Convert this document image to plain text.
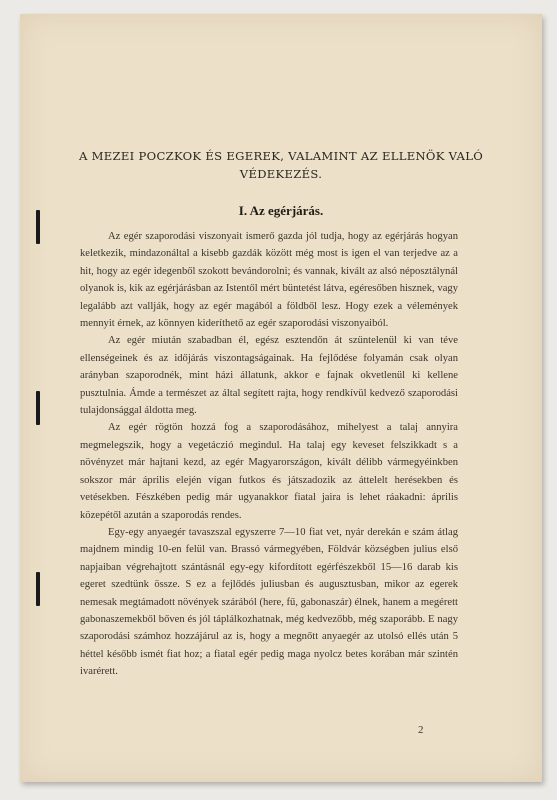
A MEZEI POCZKOK ÉS EGEREK, VALAMINT AZ ELLENÖK VALÓ VÉDEKEZÉS.
I. Az egérjárás.

Az egér szaporodási viszonyait ismerő gazda jól tudja, hogy az egérjárás hogyan keletkezik, mindazonáltal a kisebb gazdák között még most is igen el van terjedve az a hit, hogy az egér idegenből szokott bevándorolni; és vannak, kivált az alsó néposztálynál olyanok is, kik az egérjárásban az Istentől mért büntetést látva, egéresőben hisznek, vagy legalább azt vallják, hogy az egér magából a földből lesz. Hogy ezek a vélemények mennyit érnek, az könnyen kideríthető az egér szaporodási viszonyaiból.

Az egér miután szabadban él, egész esztendőn át szüntelenül ki van téve ellenségeinek és az időjárás viszontagságainak. Ha fejlődése folyamán csak olyan arányban szaporodnék, mint házi állatunk, akkor e fajnak okvetlenül ki kellene pusztulnia. Ámde a természet az által segített rajta, hogy rendkívül kedvező szaporodási tulajdonsággal áldotta meg.

Az egér rögtön hozzá fog a szaporodásához, mihelyest a talaj annyira megmelegszik, hogy a vegetáczió megindul. Ha talaj egy keveset felszikkadt s a növényzet már hajtani kezd, az egér Magyarországon, kivált délibb vármegyéinkben sokszor már április elején vígan futkos és játszadozik az áttelelt herésekben és vetésekben. Fészkében pedig már ugyanakkor fiatal jaira is lehet ráakadni: április közepétől azután a szaporodás rendes.

Egy-egy anyaegér tavaszszal egyszerre 7—10 fiat vet, nyár derekán e szám átlag majdnem mindig 10-en felül van. Brassó vármegyében, Földvár községben julius első napjaiban végrehajtott szántásnál egy-egy kifordított egérfészekből 15—16 darab kis egeret szedtünk össze. S ez a fejlődés juliusban és augusztusban, mikor az egerek nemesak megtámadott növények szárából (here, fű, gabonaszár) élnek, hanem a megérett gabonaszemekből bőven és jól táplálkozhatnak, még kedvezőbb, még szaporább. E nagy szaporodási számhoz hozzájárul az is, hogy a megnőtt anyaegér az utolsó ellés után 5 héttel később ismét fiat hoz; a fiatal egér pedig maga nyolcz betes korában már szintén ivarérett.

2
